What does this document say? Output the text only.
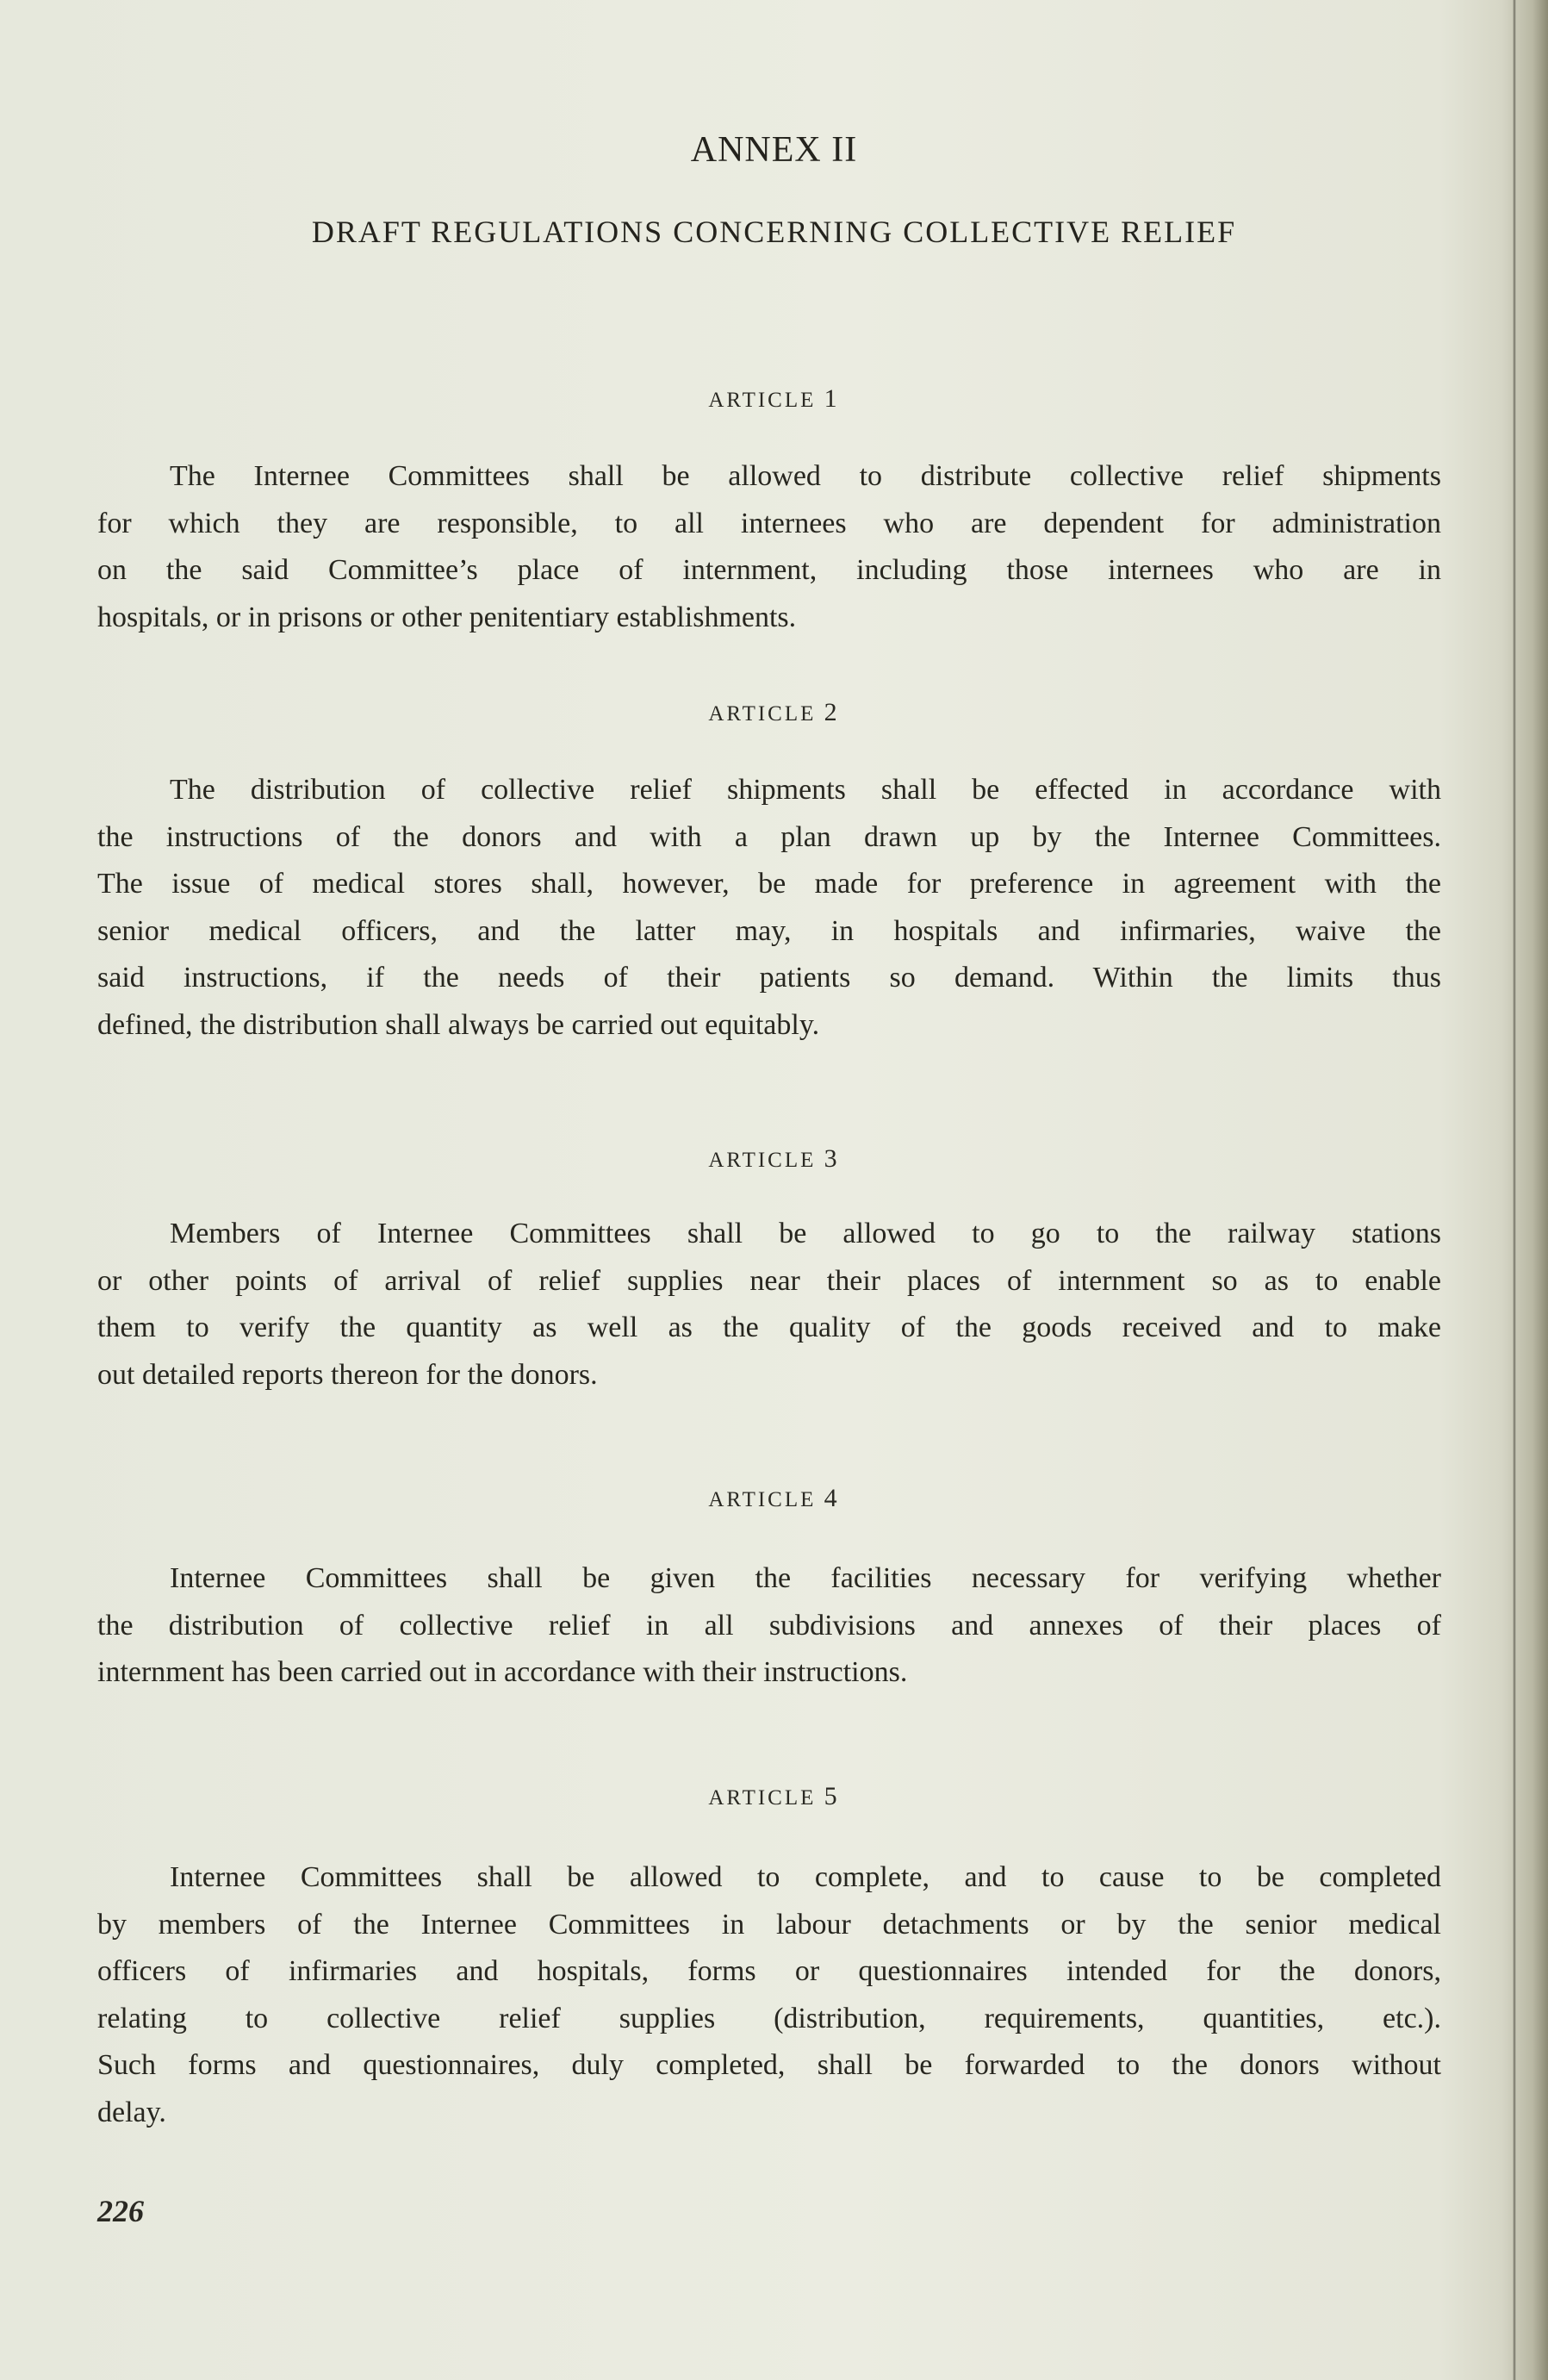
ANNEX II
DRAFT REGULATIONS CONCERNING COLLECTIVE RELIEF
ARTICLE 1
The Internee Committees shall be allowed to distribute collective relief shipments
for which they are responsible, to all internees who are dependent for administration
on the said Committee’s place of internment, including those internees who are in
hospitals, or in prisons or other penitentiary establishments.
ARTICLE 2
The distribution of collective relief shipments shall be effected in accordance with
the instructions of the donors and with a plan drawn up by the Internee Committees.
The issue of medical stores shall, however, be made for preference in agreement with the
senior medical officers, and the latter may, in hospitals and infirmaries, waive the
said instructions, if the needs of their patients so demand. Within the limits thus
defined, the distribution shall always be carried out equitably.
ARTICLE 3
Members of Internee Committees shall be allowed to go to the railway stations
or other points of arrival of relief supplies near their places of internment so as to enable
them to verify the quantity as well as the quality of the goods received and to make
out detailed reports thereon for the donors.
ARTICLE 4
Internee Committees shall be given the facilities necessary for verifying whether
the distribution of collective relief in all subdivisions and annexes of their places of
internment has been carried out in accordance with their instructions.
ARTICLE 5
Internee Committees shall be allowed to complete, and to cause to be completed
by members of the Internee Committees in labour detachments or by the senior medical
officers of infirmaries and hospitals, forms or questionnaires intended for the donors,
relating to collective relief supplies (distribution, requirements, quantities, etc.).
Such forms and questionnaires, duly completed, shall be forwarded to the donors without
delay.
226
